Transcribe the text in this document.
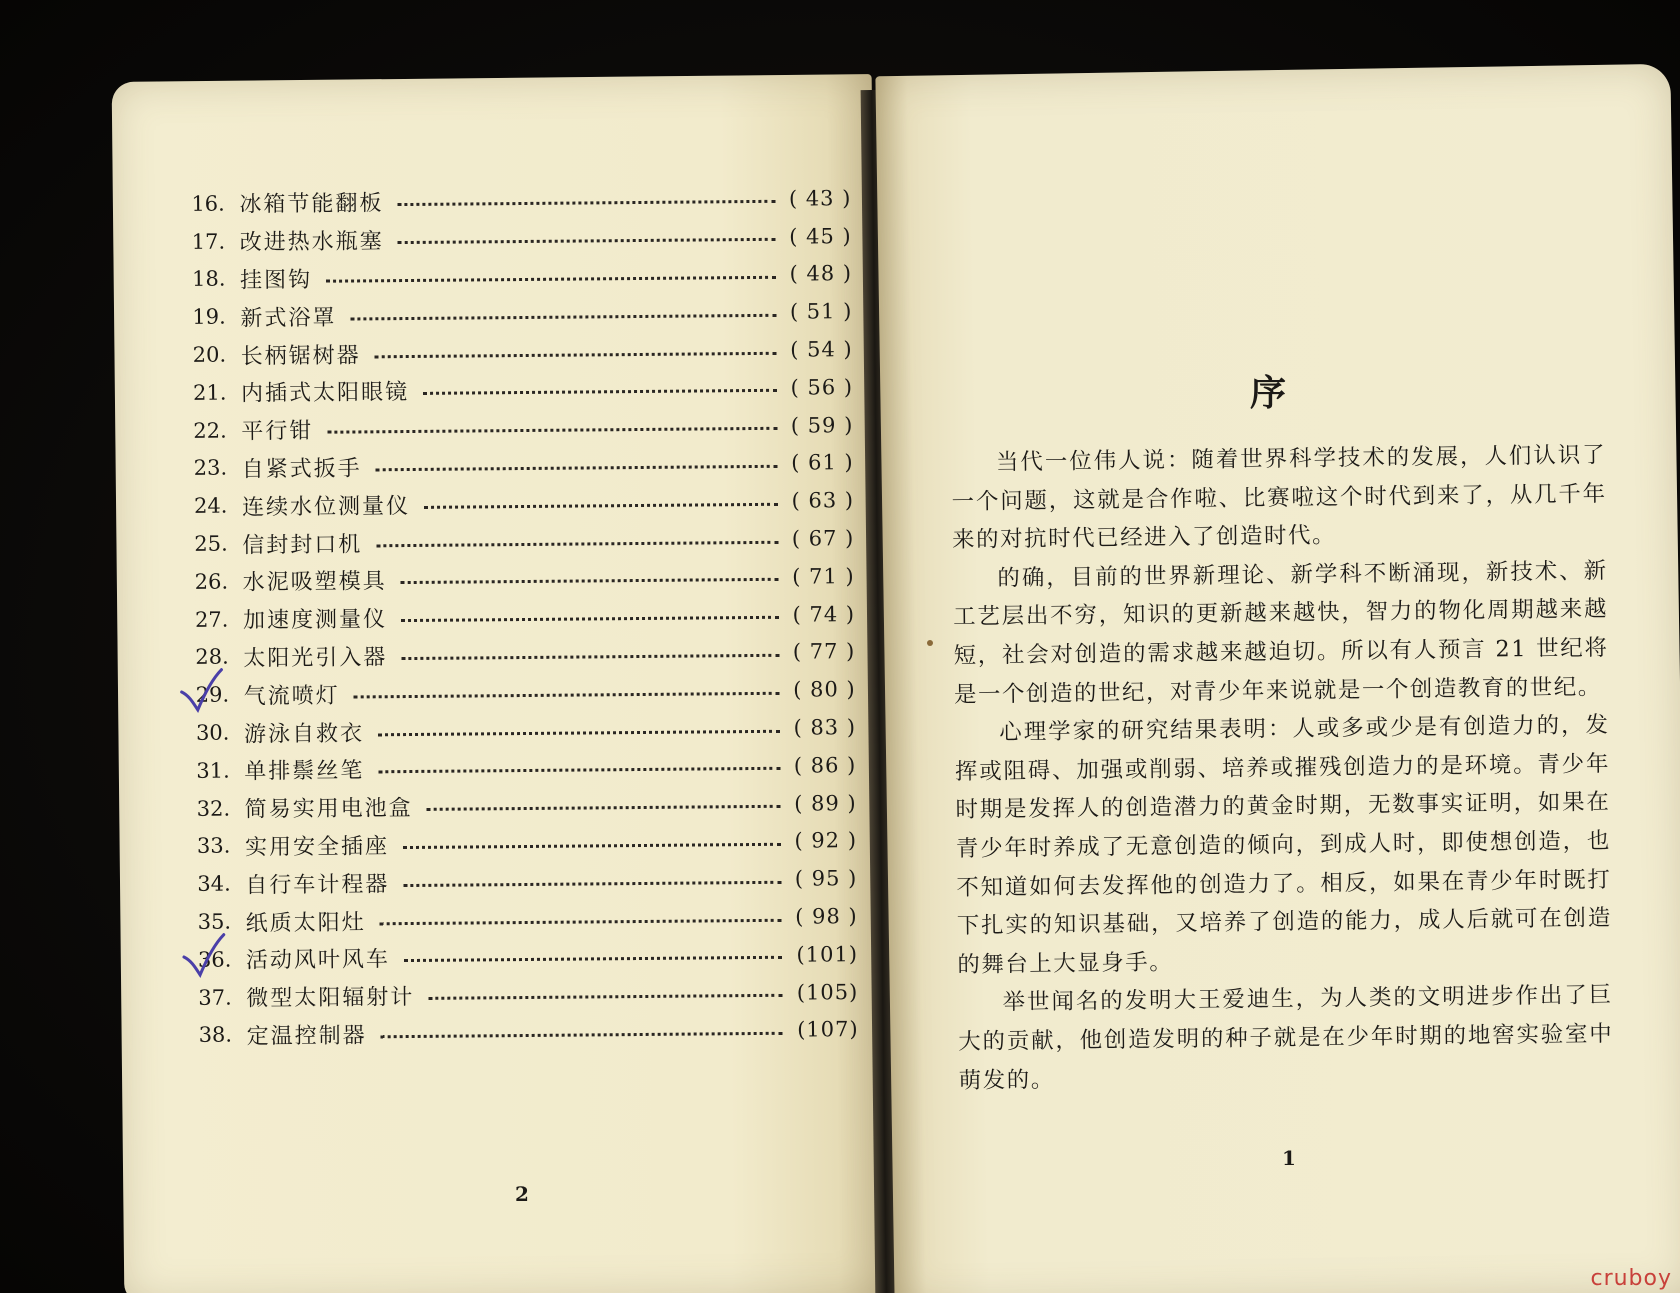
16. 冰箱节能翻板	( 43 )
17. 改进热水瓶塞	( 45 )
18. 挂图钩	( 48 )
19. 新式浴罩	( 51 )
20. 长柄锯树器	( 54 )
21. 内插式太阳眼镜	( 56 )
22. 平行钳	( 59 )
23. 自紧式扳手	( 61 )
24. 连续水位测量仪	( 63 )
25. 信封封口机	( 67 )
26. 水泥吸塑模具	( 71 )
27. 加速度测量仪	( 74 )
28. 太阳光引入器	( 77 )
29. 气流喷灯	( 80 )
30. 游泳自救衣	( 83 )
31. 单排鬃丝笔	( 86 )
32. 简易实用电池盒	( 89 )
33. 实用安全插座	( 92 )
34. 自行车计程器	( 95 )
35. 纸质太阳灶	( 98 )
36. 活动风叶风车	(101)
37. 微型太阳辐射计	(105)
38. 定温控制器	(107)
2
序

当代一位伟人说：随着世界科学技术的发展，人们认识了一个问题，这就是合作啦、比赛啦这个时代到来了，从几千年来的对抗时代已经进入了创造时代。

的确，目前的世界新理论、新学科不断涌现，新技术、新工艺层出不穷，知识的更新越来越快，智力的物化周期越来越短，社会对创造的需求越来越迫切。所以有人预言 21 世纪将是一个创造的世纪，对青少年来说就是一个创造教育的世纪。

心理学家的研究结果表明：人或多或少是有创造力的，发挥或阻碍、加强或削弱、培养或摧残创造力的是环境。青少年时期是发挥人的创造潜力的黄金时期，无数事实证明，如果在青少年时养成了无意创造的倾向，到成人时，即使想创造，也不知道如何去发挥他的创造力了。相反，如果在青少年时既打下扎实的知识基础，又培养了创造的能力，成人后就可在创造的舞台上大显身手。

举世闻名的发明大王爱迪生，为人类的文明进步作出了巨大的贡献，他创造发明的种子就是在少年时期的地窖实验室中萌发的。

1
cruboy
